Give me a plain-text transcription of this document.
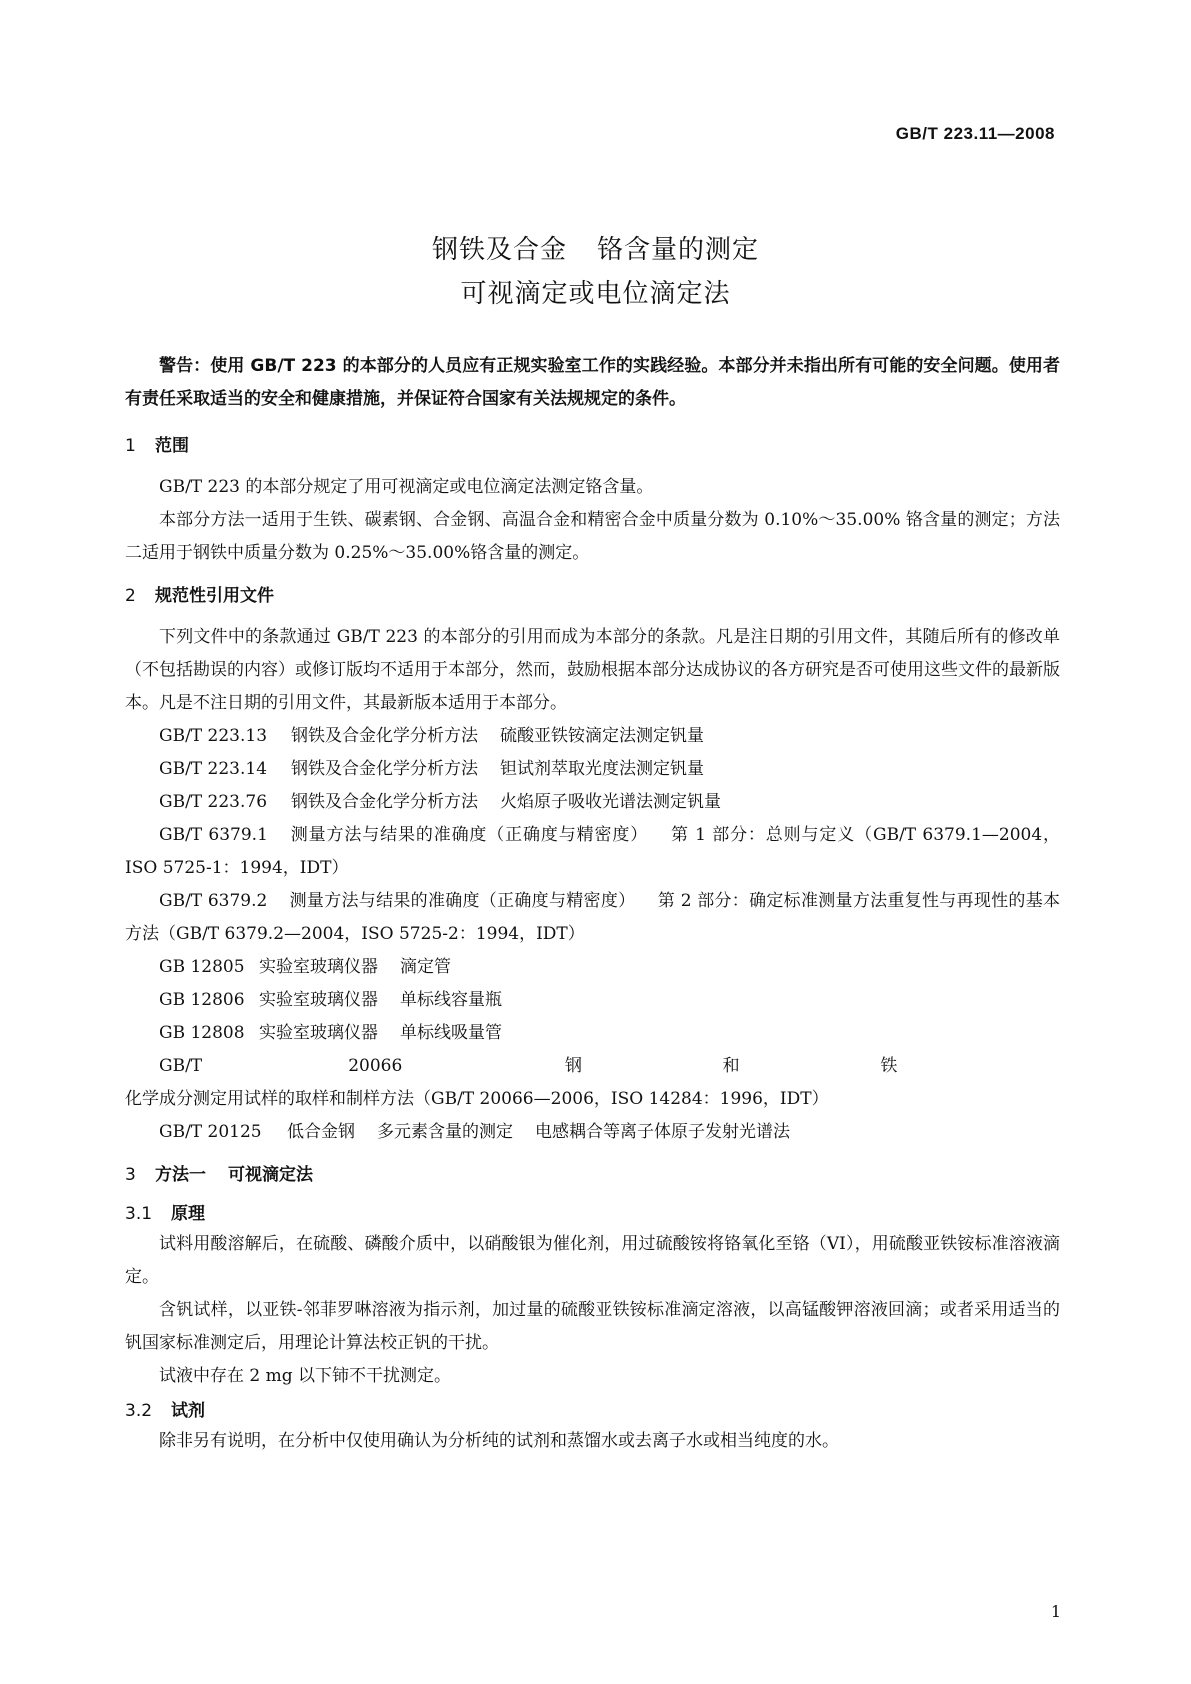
GB/T 223.11—2008
钢铁及合金 铬含量的测定
可视滴定或电位滴定法

警告：使用 GB/T 223 的本部分的人员应有正规实验室工作的实践经验。本部分并未指出所有可能的安全问题。使用者有责任采取适当的安全和健康措施，并保证符合国家有关法规规定的条件。

1 范围

GB/T 223 的本部分规定了用可视滴定或电位滴定法测定铬含量。

本部分方法一适用于生铁、碳素钢、合金钢、高温合金和精密合金中质量分数为 0.10%～35.00% 铬含量的测定；方法二适用于钢铁中质量分数为 0.25%～35.00%铬含量的测定。

2 规范性引用文件

下列文件中的条款通过 GB/T 223 的本部分的引用而成为本部分的条款。凡是注日期的引用文件，其随后所有的修改单（不包括勘误的内容）或修订版均不适用于本部分，然而，鼓励根据本部分达成协议的各方研究是否可使用这些文件的最新版本。凡是不注日期的引用文件，其最新版本适用于本部分。

GB/T 223.13	钢铁及合金化学分析方法 硫酸亚铁铵滴定法测定钒量
GB/T 223.14	钢铁及合金化学分析方法 钽试剂萃取光度法测定钒量
GB/T 223.76	钢铁及合金化学分析方法 火焰原子吸收光谱法测定钒量

GB/T 6379.1 测量方法与结果的准确度（正确度与精密度） 第 1 部分：总则与定义（GB/T 6379.1—2004，ISO 5725-1：1994，IDT）

GB/T 6379.2 测量方法与结果的准确度（正确度与精密度） 第 2 部分：确定标准测量方法重复性与再现性的基本方法（GB/T 6379.2—2004，ISO 5725-2：1994，IDT）

GB 12805 实验室玻璃仪器 滴定管
GB 12806 实验室玻璃仪器 单标线容量瓶
GB 12808 实验室玻璃仪器 单标线吸量管

GB/T 20066 钢和铁化学成分测定用试样的取样和制样方法（GB/T 20066—2006，ISO 14284：1996，IDT）

GB/T 20125	低合金钢 多元素含量的测定 电感耦合等离子体原子发射光谱法
3 方法一 可视滴定法
3.1 原理

试料用酸溶解后，在硫酸、磷酸介质中，以硝酸银为催化剂，用过硫酸铵将铬氧化至铬（VI），用硫酸亚铁铵标准溶液滴定。

含钒试样，以亚铁-邻菲罗啉溶液为指示剂，加过量的硫酸亚铁铵标准滴定溶液，以高锰酸钾溶液回滴；或者采用适当的钒国家标准测定后，用理论计算法校正钒的干扰。

试液中存在 2 mg 以下铈不干扰测定。

3.2 试剂

除非另有说明，在分析中仅使用确认为分析纯的试剂和蒸馏水或去离子水或相当纯度的水。

1
